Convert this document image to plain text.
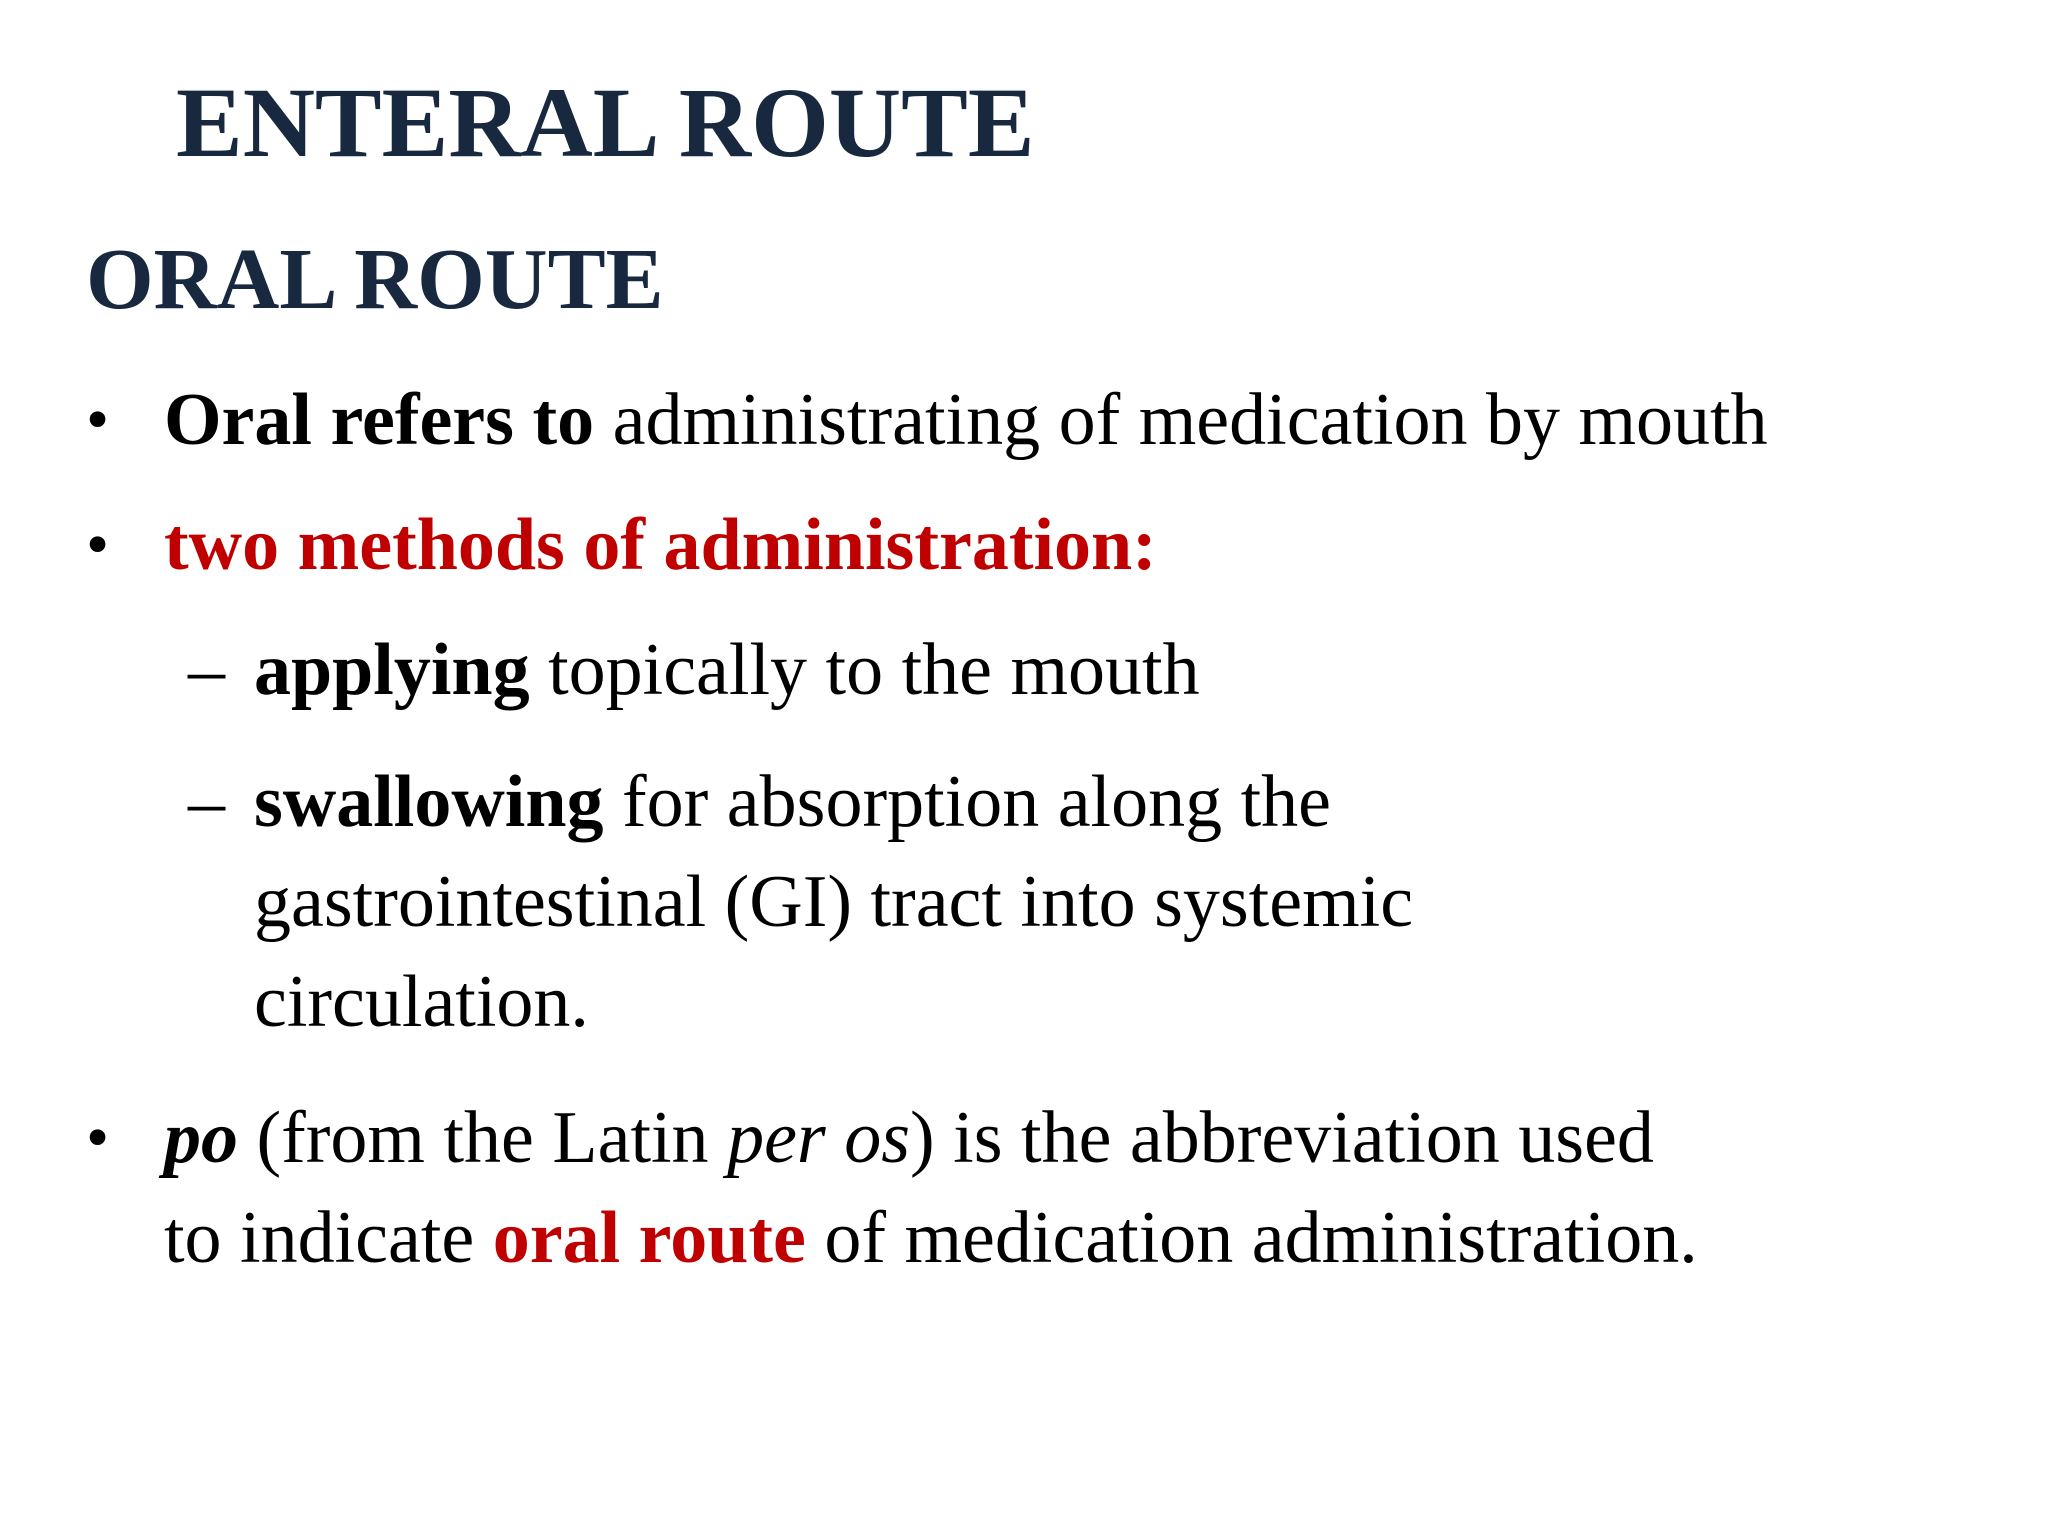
ENTERAL ROUTE
ORAL ROUTE
• Oral refers to administrating of medication by mouth
• two methods of administration:
– applying topically to the mouth
– swallowing for absorption along the
gastrointestinal (GI) tract into systemic
circulation.
• po (from the Latin per os) is the abbreviation used
to indicate oral route of medication administration.
